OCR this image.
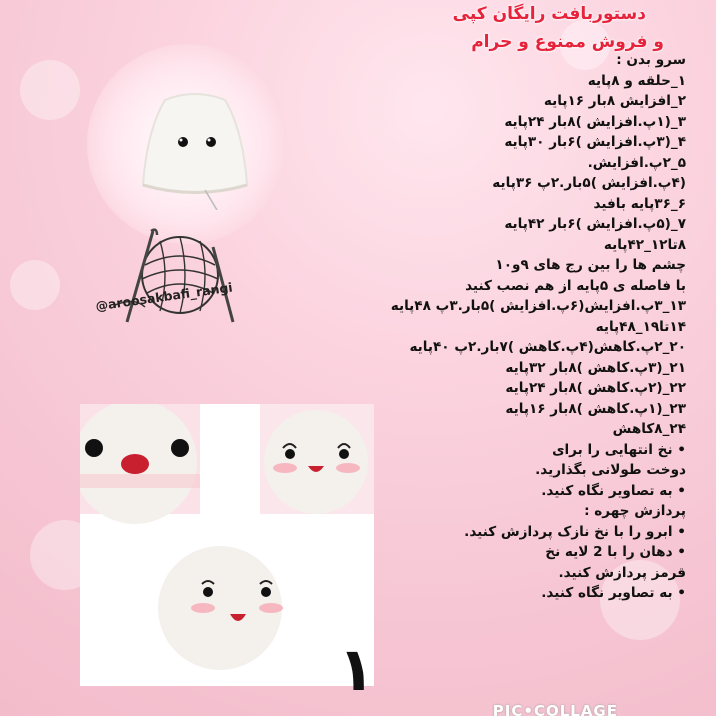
دستوربافت رایگان کپی
و فروش ممنوع و حرام
@aroosakbafi_rangi
سرو بدن :
۱_حلقه و ۸پایه
۲_افزایش ۸بار ۱۶پایه
۳_(۱پ.افزایش )۸بار ۲۴پایه
۴_(۳پ.افزایش )۶بار ۳۰پایه
۵_۲پ.افزایش.
(۴پ.افزایش )۵بار.۲پ ۳۶پایه
۶_۳۶پایه بافید
۷_(۵پ.افزایش )۶بار ۴۲پایه
۸تا۱۲_۴۲پایه
چشم ها را بین رج های ۹و۱۰
با فاصله ی ۵پایه از هم نصب کنید
۱۳_۳پ.افزایش(۶پ.افزایش )۵بار.۳پ ۴۸پایه
۱۴تا۱۹_۴۸پایه
۲۰_۲پ.کاهش(۴پ.کاهش )۷بار.۲پ ۴۰پایه
۲۱_(۳پ.کاهش )۸بار ۳۲پایه
۲۲_(۲پ.کاهش )۸بار ۲۴پایه
۲۳_(۱پ.کاهش )۸بار ۱۶پایه
۲۴_۸کاهش
• نخ انتهایی را برای
دوخت طولانی بگذارید.
• به تصاویر نگاه کنید.
پردازش چهره :
• ابرو را با نخ نازک پردازش کنید.
• دهان را با 2 لایه نخ
قرمز پردازش کنید.
• به تصاویر نگاه کنید.
١
PIC•COLLAGE
